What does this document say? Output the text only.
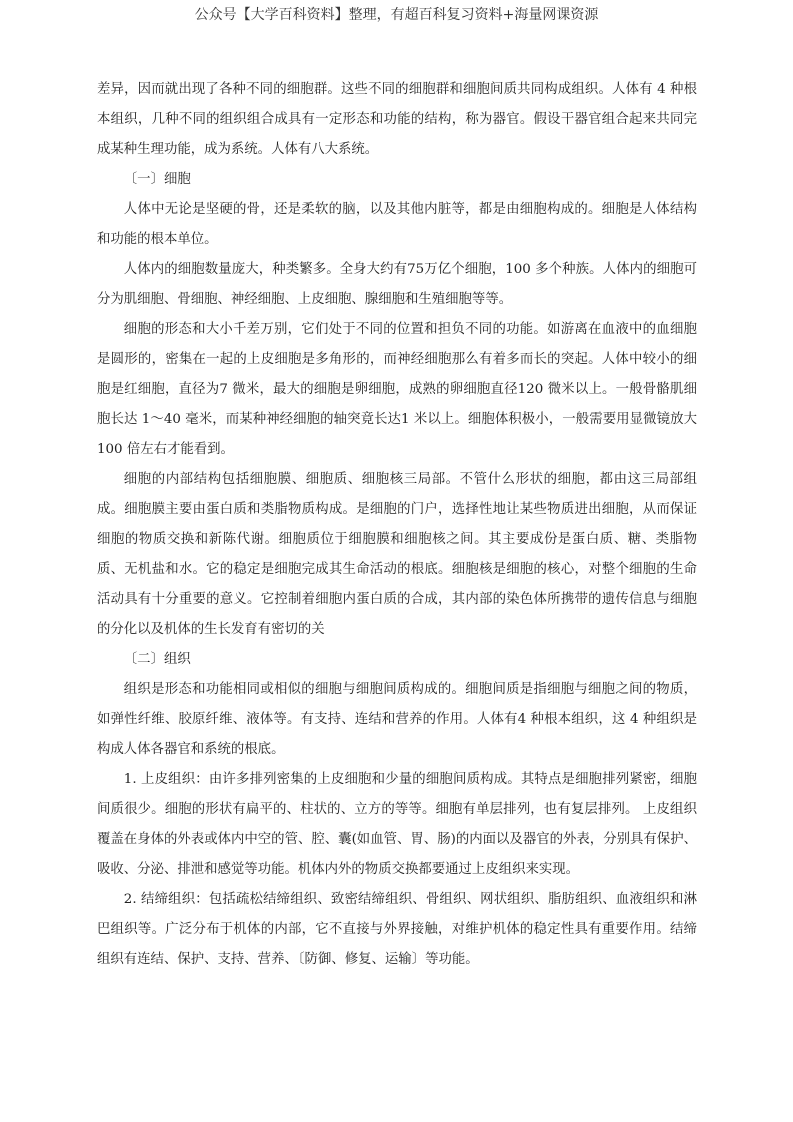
公众号【大学百科资料】整理，有超百科复习资料+海量网课资源

差异，因而就出现了各种不同的细胞群。这些不同的细胞群和细胞间质共同构成组织。人体有 4 种根本组织，几种不同的组织组合成具有一定形态和功能的结构，称为器官。假设干器官组合起来共同完成某种生理功能，成为系统。人体有八大系统。

〔一〕细胞

人体中无论是坚硬的骨，还是柔软的脑，以及其他内脏等，都是由细胞构成的。细胞是人体结构和功能的根本单位。

人体内的细胞数量庞大，种类繁多。全身大约有75万亿个细胞，100 多个种族。人体内的细胞可分为肌细胞、骨细胞、神经细胞、上皮细胞、腺细胞和生殖细胞等等。

细胞的形态和大小千差万别，它们处于不同的位置和担负不同的功能。如游离在血液中的血细胞是圆形的，密集在一起的上皮细胞是多角形的，而神经细胞那么有着多而长的突起。人体中较小的细胞是红细胞，直径为7 微米，最大的细胞是卵细胞，成熟的卵细胞直径120 微米以上。一般骨骼肌细胞长达 1～40 毫米，而某种神经细胞的轴突竟长达1 米以上。细胞体积极小，一般需要用显微镜放大 100 倍左右才能看到。

细胞的内部结构包括细胞膜、细胞质、细胞核三局部。不管什么形状的细胞，都由这三局部组成。细胞膜主要由蛋白质和类脂物质构成。是细胞的门户，选择性地让某些物质进出细胞，从而保证细胞的物质交换和新陈代谢。细胞质位于细胞膜和细胞核之间。其主要成份是蛋白质、糖、类脂物质、无机盐和水。它的稳定是细胞完成其生命活动的根底。细胞核是细胞的核心，对整个细胞的生命活动具有十分重要的意义。它控制着细胞内蛋白质的合成，其内部的染色体所携带的遗传信息与细胞的分化以及机体的生长发育有密切的关

〔二〕组织

组织是形态和功能相同或相似的细胞与细胞间质构成的。细胞间质是指细胞与细胞之间的物质，如弹性纤维、胶原纤维、液体等。有支持、连结和营养的作用。人体有4 种根本组织，这 4 种组织是构成人体各器官和系统的根底。

1. 上皮组织：由许多排列密集的上皮细胞和少量的细胞间质构成。其特点是细胞排列紧密，细胞间质很少。细胞的形状有扁平的、柱状的、立方的等等。细胞有单层排列，也有复层排列。 上皮组织覆盖在身体的外表或体内中空的管、腔、囊(如血管、胃、肠)的内面以及器官的外表，分别具有保护、吸收、分泌、排泄和感觉等功能。机体内外的物质交换都要通过上皮组织来实现。

2. 结缔组织：包括疏松结缔组织、致密结缔组织、骨组织、网状组织、脂肪组织、血液组织和淋巴组织等。广泛分布于机体的内部，它不直接与外界接触，对维护机体的稳定性具有重要作用。结缔组织有连结、保护、支持、营养、〔防御、修复、运输〕等功能。
